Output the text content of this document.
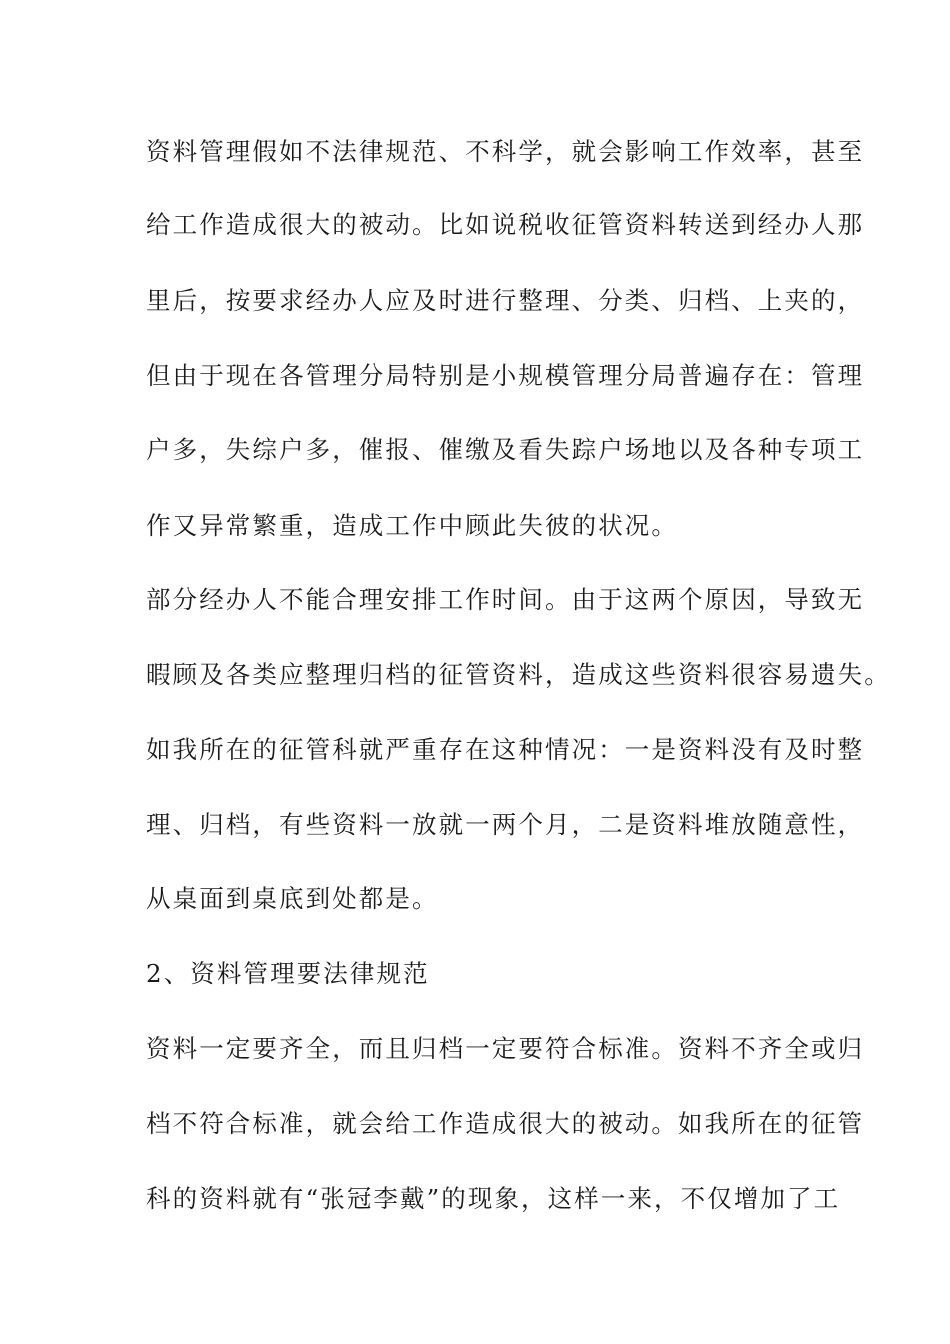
资料管理假如不法律规范、不科学，就会影响工作效率，甚至
给工作造成很大的被动。比如说税收征管资料转送到经办人那
里后，按要求经办人应及时进行整理、分类、归档、上夹的，
但由于现在各管理分局特别是小规模管理分局普遍存在：管理
户多，失综户多，催报、催缴及看失踪户场地以及各种专项工
作又异常繁重，造成工作中顾此失彼的状况。
部分经办人不能合理安排工作时间。由于这两个原因，导致无
暇顾及各类应整理归档的征管资料，造成这些资料很容易遗失。
如我所在的征管科就严重存在这种情况：一是资料没有及时整
理、归档，有些资料一放就一两个月，二是资料堆放随意性，
从桌面到桌底到处都是。
2、资料管理要法律规范
资料一定要齐全，而且归档一定要符合标准。资料不齐全或归
档不符合标准，就会给工作造成很大的被动。如我所在的征管
科的资料就有“张冠李戴”的现象，这样一来，不仅增加了工
